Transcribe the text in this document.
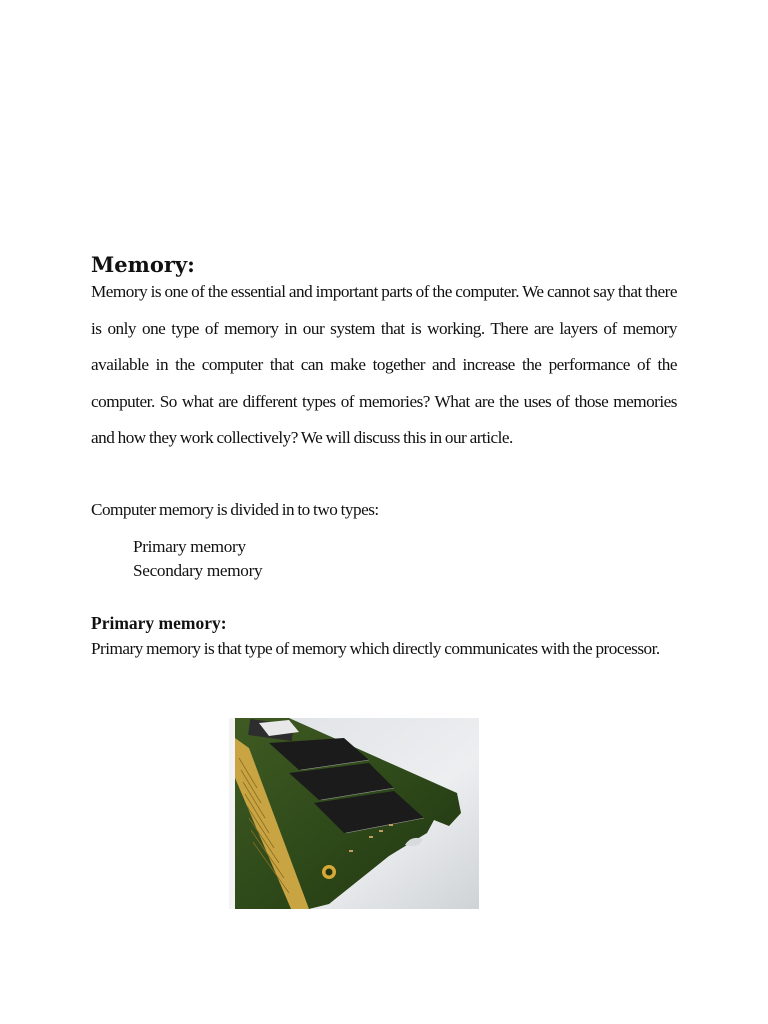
Memory:

Memory is one of the essential and important parts of the computer. We cannot say that there is only one type of memory in our system that is working. There are layers of memory available in the computer that can make together and increase the performance of the computer. So what are different types of memories? What are the uses of those memories and how they work collectively? We will discuss this in our article.

Computer memory is divided in to two types:

Primary memory
Secondary memory
Primary memory:

Primary memory is that type of memory which directly communicates with the processor.
